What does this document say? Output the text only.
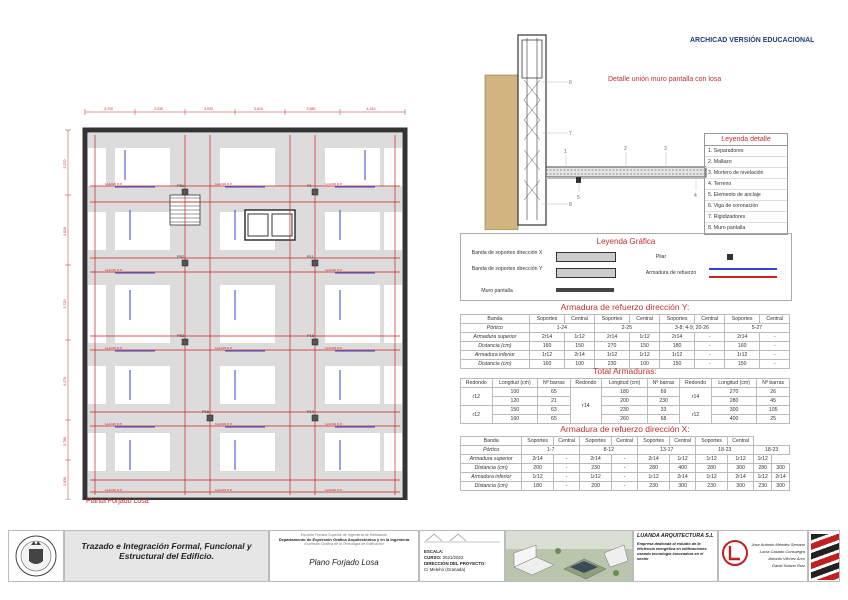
ARCHICAD VERSIÓN EDUCACIONAL
P51	P1
P52	P11
P53	P15
P16	P19
1φ12/20 D.P.	1φ12/20 D.P.	1φ12/20 D.P.
1φ12/20 D.P.	1φ12/20 D.P.
1φ12/20 D.P.	1φ12/20 D.P.	1φ12/20 D.P.
1φ12/20 D.P.	1φ12/20 D.P.	1φ12/20 D.P.
1φ12/20 D.P.	1φ12/20 D.P.	1φ12/20 D.P.
3.700	3.230	3.030	3.610	3.980	4.310
3.370
3.810
3.720
4.170
3.780
3.830
Planta Forjado Losa
6
7
1	2	3
4
5
8
Detalle unión muro pantalla con losa
Leyenda detalle
1. Separadores
2. Mallazo
3. Mortero de nivelación
4. Terreno
5. Elemento de anclaje
6. Viga de coronación
7. Rigidizadores
8. Muro pantalla
Leyenda Gráfica
Banda de soportes dirección X
Banda de soportes dirección Y
Muro pantalla
Pilar
Armadura de refuerzo
Armadura de refuerzo dirección Y:
Banda	Soportes	Central	Soportes	Central	Soportes	Central	Soportes	Central
Pórtico	1-24		2-25		3-8; 4-9; 20-26		5-27	
Armadura superior	2r14	1r12	2r14	1r12	2r14	-	2r14	-
Distancia (cm)	160	150	270	150	180	-	160	-
Armadura inferior	1r12	2r14	1r12	1r12	1r12	-	1r12	-
Distancia (cm)	160	100	230	100	150	-	150	-
Total Armaduras:
Redondo	Longitud (cm)	Nº barras	Redondo	Longitud (cm)	Nº barras	Redondo	Longitud (cm)	Nº barras
r12	100	65	r14	180	69	r14	270	26
	120	21		200	230		280	45
r12	150	63		230	33	r12	300	105
	160	65		260	68		400	25
Armadura de refuerzo dirección X:
Banda	Soportes	Central	Soportes	Central	Soportes	Central	Soportes	Central		
Pórtico	1-7		8-12		13-17		18-23		18-23	
Armadura superior	2r14	-	2r14	-	2r14	1r12	1r12	1r12	1r12	
Distancia (cm)	200	-	230	-	280	400	280	300	280	300
Armadura inferior	1r12	-	1r12	-	1r12	2r14	1r12	2r14	1r12	2r14
Distancia (cm)	180	-	200	-	230	300	230	300	230	300
Trazado e Integración Formal, Funcional y Estructural del Edificio.
Escuela Técnica Superior de Ingeniería de Edificación
Departamento de Expresión Gráfica Arquitectónica y en la Ingeniería
Expresión Gráfica de la Tecnología de Edificación
Plano Forjado Losa
ESCALA:
CURSO: 2021/2022
DIRECCIÓN DEL PROYECTO:
C/ Melehó (Granada)
LUANDA ARQUITECTURA S.L
Empresa dedicada al estudio de la eficiencia energética en edificaciones usando tecnología innovadora en el sector
Jose Antonio Méndez Serrano
Lucía Casado Consuegra
Antonio Vilchez Arco
David Solano Ruiz
